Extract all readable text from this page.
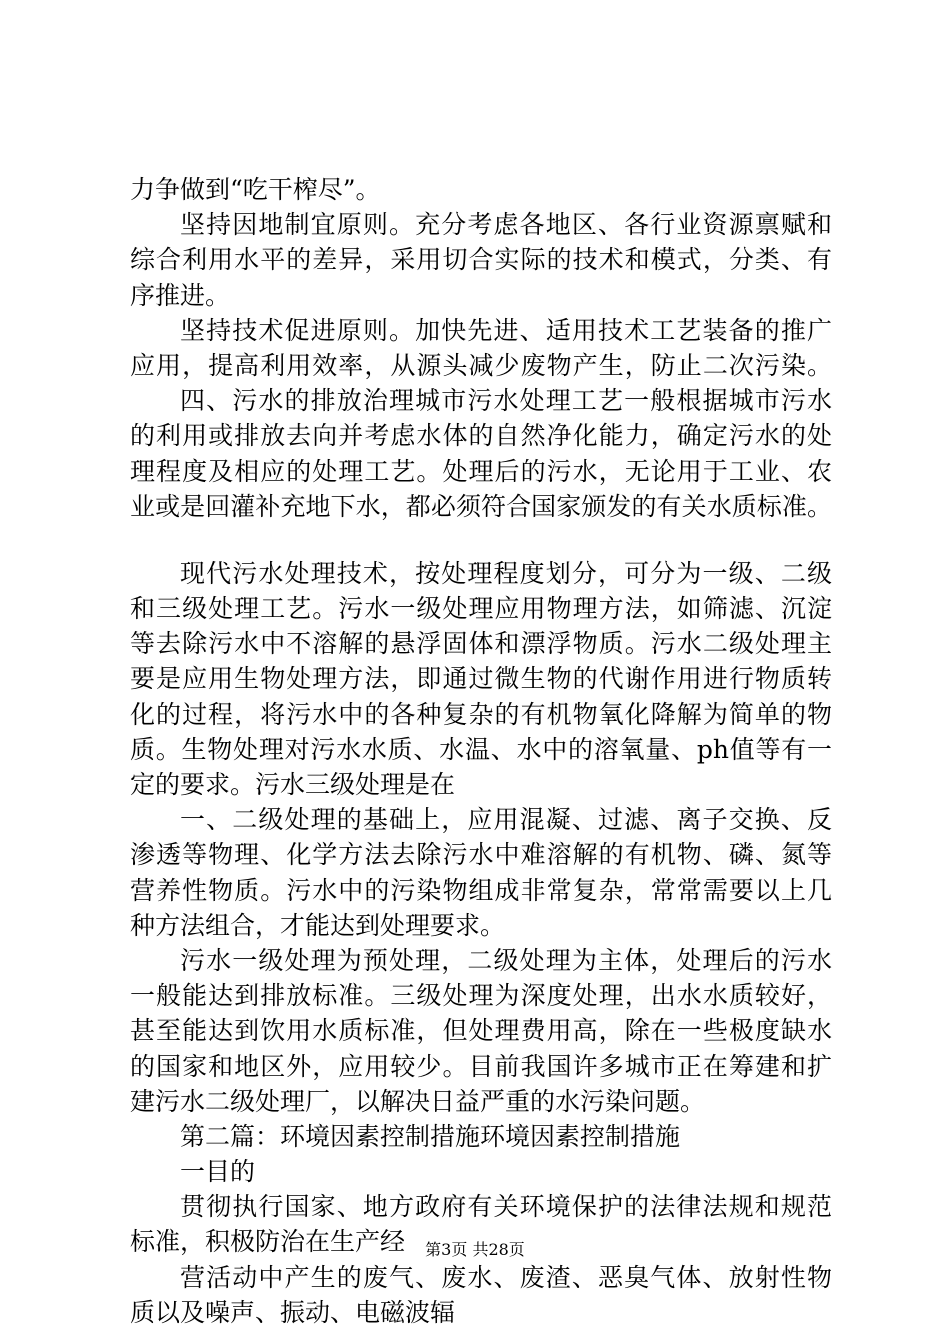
力争做到“吃干榨尽”。
坚持因地制宜原则。充分考虑各地区、各行业资源禀赋和
综合利用水平的差异，采用切合实际的技术和模式，分类、有
序推进。
坚持技术促进原则。加快先进、适用技术工艺装备的推广
应用，提高利用效率，从源头减少废物产生，防止二次污染。
四、污水的排放治理城市污水处理工艺一般根据城市污水
的利用或排放去向并考虑水体的自然净化能力，确定污水的处
理程度及相应的处理工艺。处理后的污水，无论用于工业、农
业或是回灌补充地下水，都必须符合国家颁发的有关水质标准。
现代污水处理技术，按处理程度划分，可分为一级、二级
和三级处理工艺。污水一级处理应用物理方法，如筛滤、沉淀
等去除污水中不溶解的悬浮固体和漂浮物质。污水二级处理主
要是应用生物处理方法，即通过微生物的代谢作用进行物质转
化的过程，将污水中的各种复杂的有机物氧化降解为简单的物
质。生物处理对污水水质、水温、水中的溶氧量、ph值等有一
定的要求。污水三级处理是在
一、二级处理的基础上，应用混凝、过滤、离子交换、反
渗透等物理、化学方法去除污水中难溶解的有机物、磷、氮等
营养性物质。污水中的污染物组成非常复杂，常常需要以上几
种方法组合，才能达到处理要求。
污水一级处理为预处理，二级处理为主体，处理后的污水
一般能达到排放标准。三级处理为深度处理，出水水质较好，
甚至能达到饮用水质标准，但处理费用高，除在一些极度缺水
的国家和地区外，应用较少。目前我国许多城市正在筹建和扩
建污水二级处理厂，以解决日益严重的水污染问题。
第二篇：环境因素控制措施环境因素控制措施
一目的
贯彻执行国家、地方政府有关环境保护的法律法规和规范
标准，积极防治在生产经
营活动中产生的废气、废水、废渣、恶臭气体、放射性物
质以及噪声、振动、电磁波辐
第3页 共28页
